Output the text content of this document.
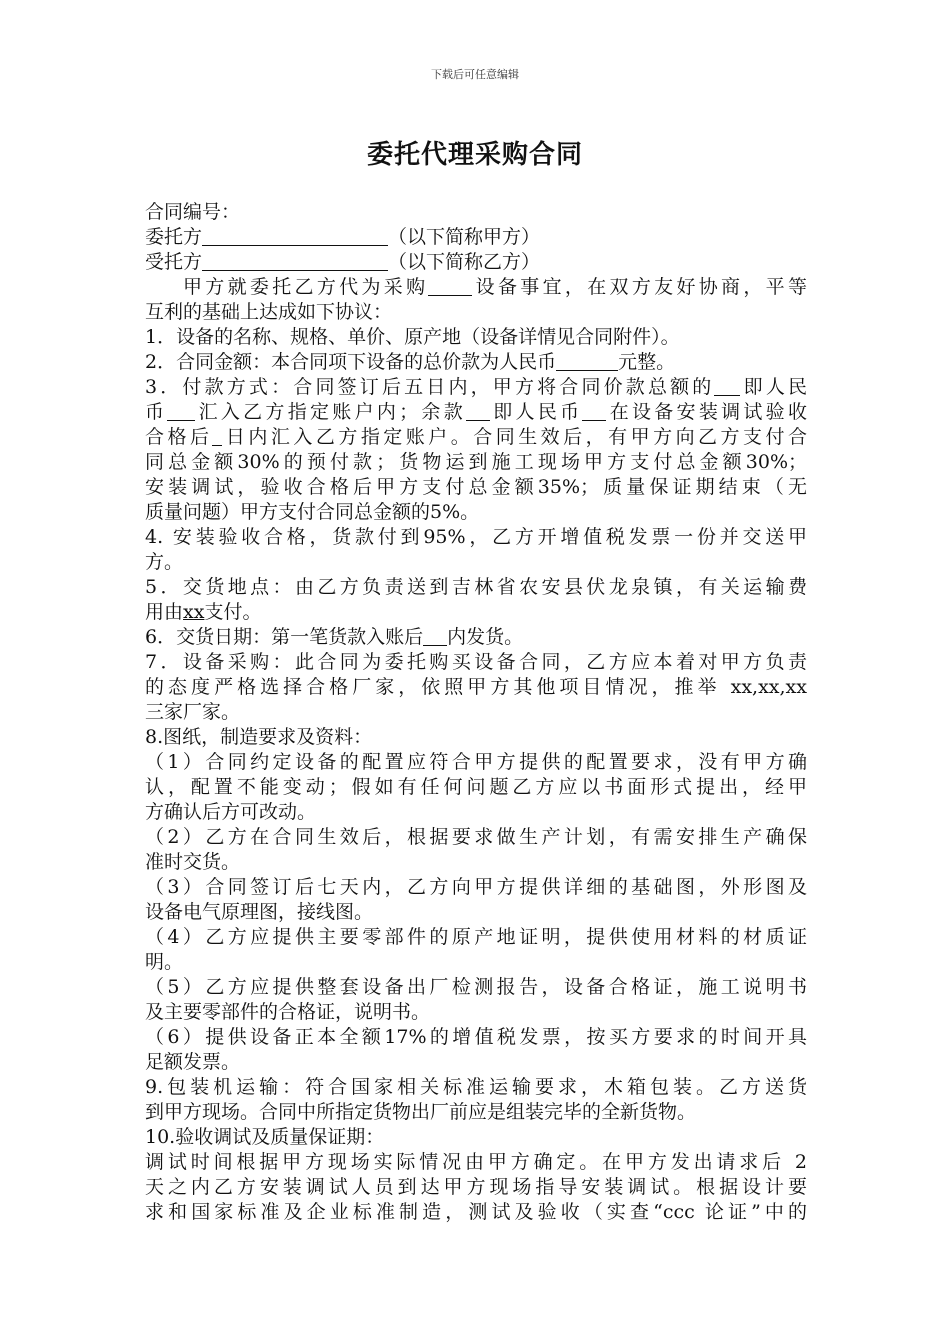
下载后可任意编辑
委托代理采购合同
合同编号：
委托方	（以下简称甲方）
受托方	（以下简称乙方）
甲方就委托乙方代为采购 设备事宜，在双方友好协商，平等
互利的基础上达成如下协议：
1．设备的名称、规格、单价、原产地（设备详情见合同附件）。
2．合同金额：本合同项下设备的总价款为人民币	元整。
3．付款方式：合同签订后五日内，甲方将合同价款总额的 即人民
币 汇入乙方指定账户内；余款 即人民币 在设备安装调试验收
合格后 日内汇入乙方指定账户。合同生效后，有甲方向乙方支付合
同总金额30%的预付款；货物运到施工现场甲方支付总金额30%；
安装调试，验收合格后甲方支付总金额35%；质量保证期结束（无
质量问题）甲方支付合同总金额的5%。
4. 安装验收合格，货款付到95%，乙方开增值税发票一份并交送甲
方。
5．交货地点：由乙方负责送到吉林省农安县伏龙泉镇，有关运输费
用由xx支付。
6．交货日期：第一笔货款入账后 内发货。
7．设备采购：此合同为委托购买设备合同，乙方应本着对甲方负责
的态度严格选择合格厂家，依照甲方其他项目情况，推举 xx,xx,xx
三家厂家。
8.图纸，制造要求及资料：
（1）合同约定设备的配置应符合甲方提供的配置要求，没有甲方确
认，配置不能变动；假如有任何问题乙方应以书面形式提出，经甲
方确认后方可改动。
（2）乙方在合同生效后，根据要求做生产计划，有需安排生产确保
准时交货。
（3）合同签订后七天内，乙方向甲方提供详细的基础图，外形图及
设备电气原理图，接线图。
（4）乙方应提供主要零部件的原产地证明，提供使用材料的材质证
明。
（5）乙方应提供整套设备出厂检测报告，设备合格证，施工说明书
及主要零部件的合格证，说明书。
（6）提供设备正本全额17%的增值税发票，按买方要求的时间开具
足额发票。
9.包装机运输：符合国家相关标准运输要求，木箱包装。乙方送货
到甲方现场。合同中所指定货物出厂前应是组装完毕的全新货物。
10.验收调试及质量保证期：
调试时间根据甲方现场实际情况由甲方确定。在甲方发出请求后 2
天之内乙方安装调试人员到达甲方现场指导安装调试。根据设计要
求和国家标准及企业标准制造，测试及验收（实查“ccc 论证”中的
